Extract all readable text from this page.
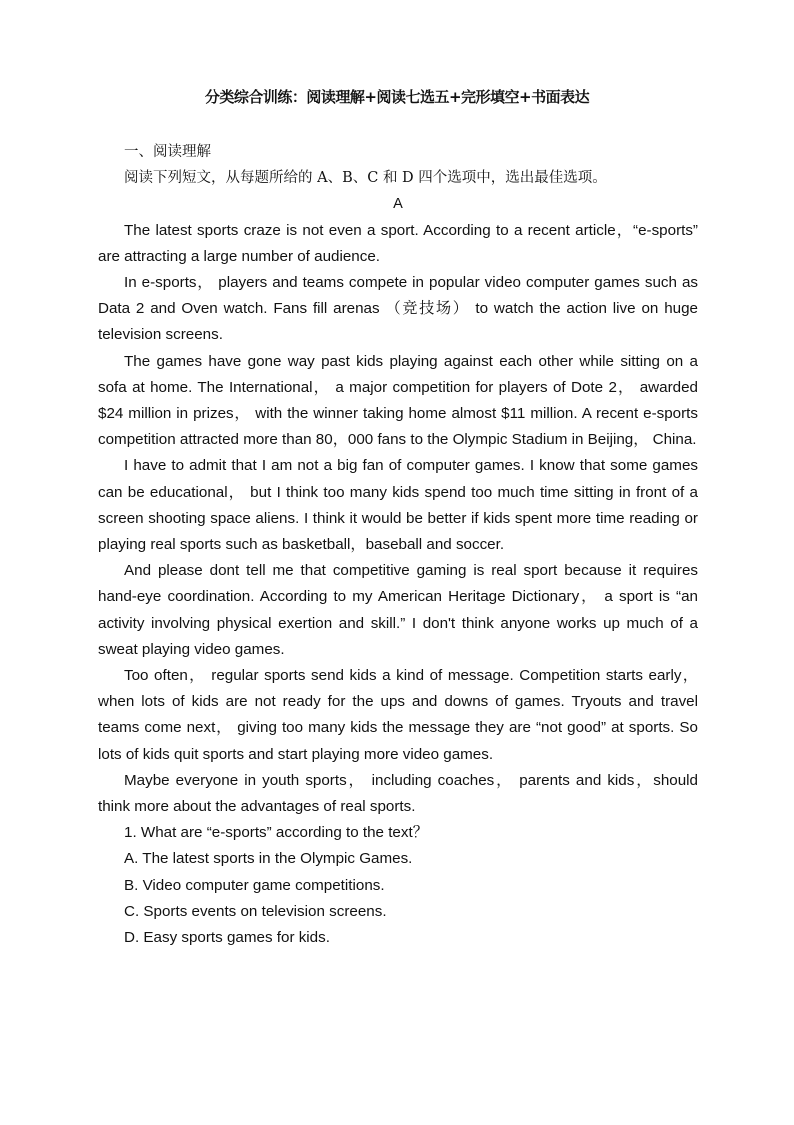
分类综合训练：阅读理解+阅读七选五+完形填空+书面表达

一、阅读理解

阅读下列短文，从每题所给的 A、B、C 和 D 四个选项中，选出最佳选项。

A

The latest sports craze is not even a sport. According to a recent article，“e-sports” are attracting a large number of audience.

In e-sports， players and teams compete in popular video computer games such as Data 2 and Oven watch. Fans fill arenas （竞技场） to watch the action live on huge television screens.

The games have gone way past kids playing against each other while sitting on a sofa at home. The International， a major competition for players of Dote 2， awarded $24 million in prizes， with the winner taking home almost $11 million. A recent e-sports competition attracted more than 80，000 fans to the Olympic Stadium in Beijing， China.

I have to admit that I am not a big fan of computer games. I know that some games can be educational， but I think too many kids spend too much time sitting in front of a screen shooting space aliens. I think it would be better if kids spent more time reading or playing real sports such as basketball，baseball and soccer.

And please dont tell me that competitive gaming is real sport because it requires hand-eye coordination. According to my American Heritage Dictionary， a sport is “an activity involving physical exertion and skill.” I don't think anyone works up much of a sweat playing video games.

Too often， regular sports send kids a kind of message. Competition starts early， when lots of kids are not ready for the ups and downs of games. Tryouts and travel teams come next， giving too many kids the message they are “not good” at sports. So lots of kids quit sports and start playing more video games.

Maybe everyone in youth sports， including coaches， parents and kids，should think more about the advantages of real sports.

1. What are “e-sports” according to the text？

A. The latest sports in the Olympic Games.

B. Video computer game competitions.

C. Sports events on television screens.

D. Easy sports games for kids.
